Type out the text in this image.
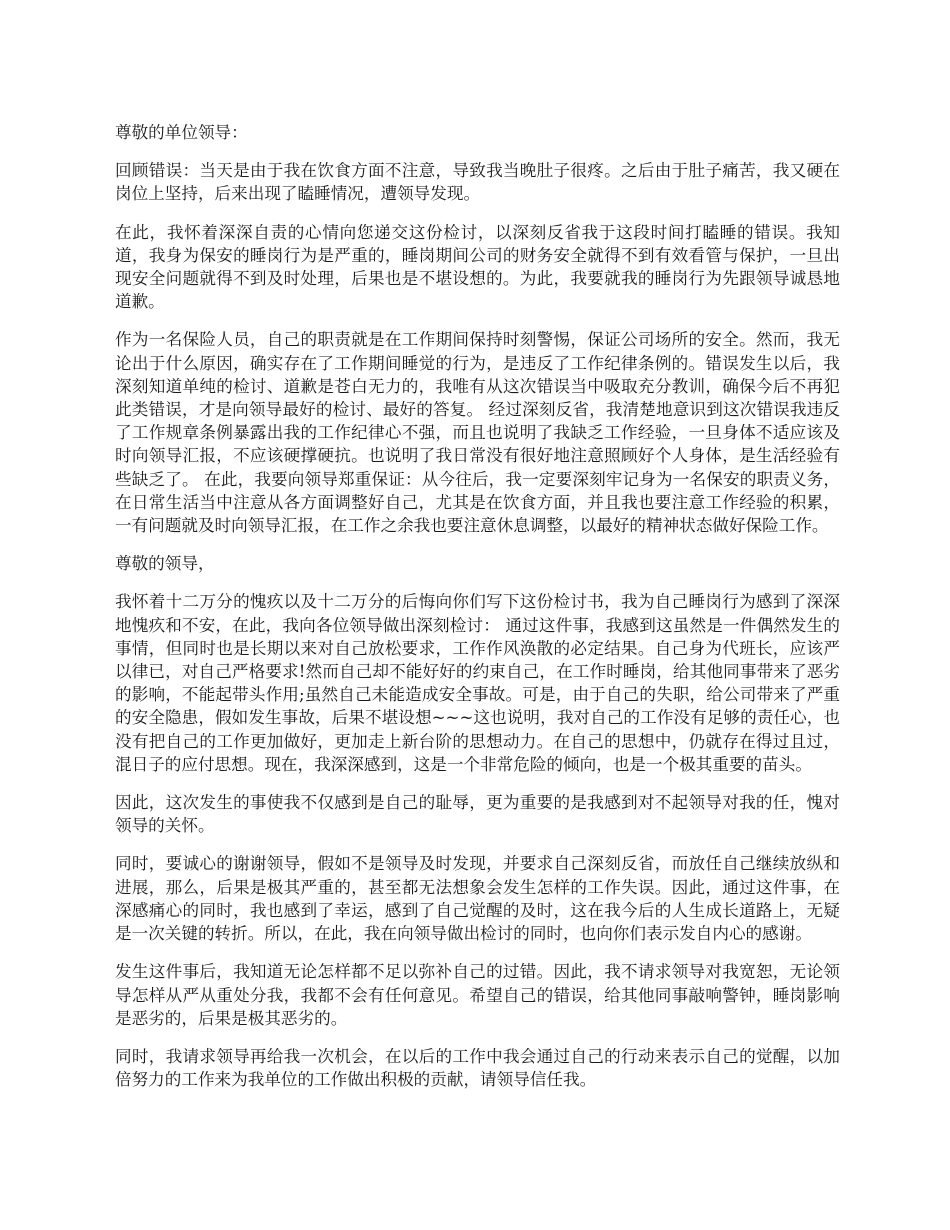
尊敬的单位领导：

回顾错误：当天是由于我在饮食方面不注意，导致我当晚肚子很疼。之后由于肚子痛苦，我又硬在岗位上坚持，后来出现了瞌睡情况，遭领导发现。

在此，我怀着深深自责的心情向您递交这份检讨，以深刻反省我于这段时间打瞌睡的错误。我知道，我身为保安的睡岗行为是严重的，睡岗期间公司的财务安全就得不到有效看管与保护，一旦出现安全问题就得不到及时处理，后果也是不堪设想的。为此，我要就我的睡岗行为先跟领导诚恳地道歉。

作为一名保险人员，自己的职责就是在工作期间保持时刻警惕，保证公司场所的安全。然而，我无论出于什么原因，确实存在了工作期间睡觉的行为，是违反了工作纪律条例的。错误发生以后，我深刻知道单纯的检讨、道歉是苍白无力的，我唯有从这次错误当中吸取充分教训，确保今后不再犯此类错误，才是向领导最好的检讨、最好的答复。 经过深刻反省，我清楚地意识到这次错误我违反了工作规章条例暴露出我的工作纪律心不强，而且也说明了我缺乏工作经验，一旦身体不适应该及时向领导汇报，不应该硬撑硬抗。也说明了我日常没有很好地注意照顾好个人身体，是生活经验有些缺乏了。 在此，我要向领导郑重保证：从今往后，我一定要深刻牢记身为一名保安的职责义务，在日常生活当中注意从各方面调整好自己，尤其是在饮食方面，并且我也要注意工作经验的积累，一有问题就及时向领导汇报，在工作之余我也要注意休息调整，以最好的精神状态做好保险工作。

尊敬的领导，

我怀着十二万分的愧疚以及十二万分的后悔向你们写下这份检讨书，我为自己睡岗行为感到了深深地愧疚和不安，在此，我向各位领导做出深刻检讨： 通过这件事，我感到这虽然是一件偶然发生的事情，但同时也是长期以来对自己放松要求，工作作风涣散的必定结果。自己身为代班长，应该严以律已，对自己严格要求!然而自己却不能好好的约束自己，在工作时睡岗，给其他同事带来了恶劣的影响，不能起带头作用;虽然自己未能造成安全事故。可是，由于自己的失职，给公司带来了严重的安全隐患，假如发生事故，后果不堪设想~~~这也说明，我对自己的工作没有足够的责任心，也没有把自己的工作更加做好，更加走上新台阶的思想动力。在自己的思想中，仍就存在得过且过，混日子的应付思想。现在，我深深感到，这是一个非常危险的倾向，也是一个极其重要的苗头。

因此，这次发生的事使我不仅感到是自己的耻辱，更为重要的是我感到对不起领导对我的任，愧对领导的关怀。

同时，要诚心的谢谢领导，假如不是领导及时发现，并要求自己深刻反省，而放任自己继续放纵和进展，那么，后果是极其严重的，甚至都无法想象会发生怎样的工作失误。因此，通过这件事，在深感痛心的同时，我也感到了幸运，感到了自己觉醒的及时，这在我今后的人生成长道路上，无疑是一次关键的转折。所以，在此，我在向领导做出检讨的同时，也向你们表示发自内心的感谢。

发生这件事后，我知道无论怎样都不足以弥补自己的过错。因此，我不请求领导对我宽恕，无论领导怎样从严从重处分我，我都不会有任何意见。希望自己的错误，给其他同事敲响警钟，睡岗影响是恶劣的，后果是极其恶劣的。

同时，我请求领导再给我一次机会，在以后的工作中我会通过自己的行动来表示自己的觉醒，以加倍努力的工作来为我单位的工作做出积极的贡献，请领导信任我。
